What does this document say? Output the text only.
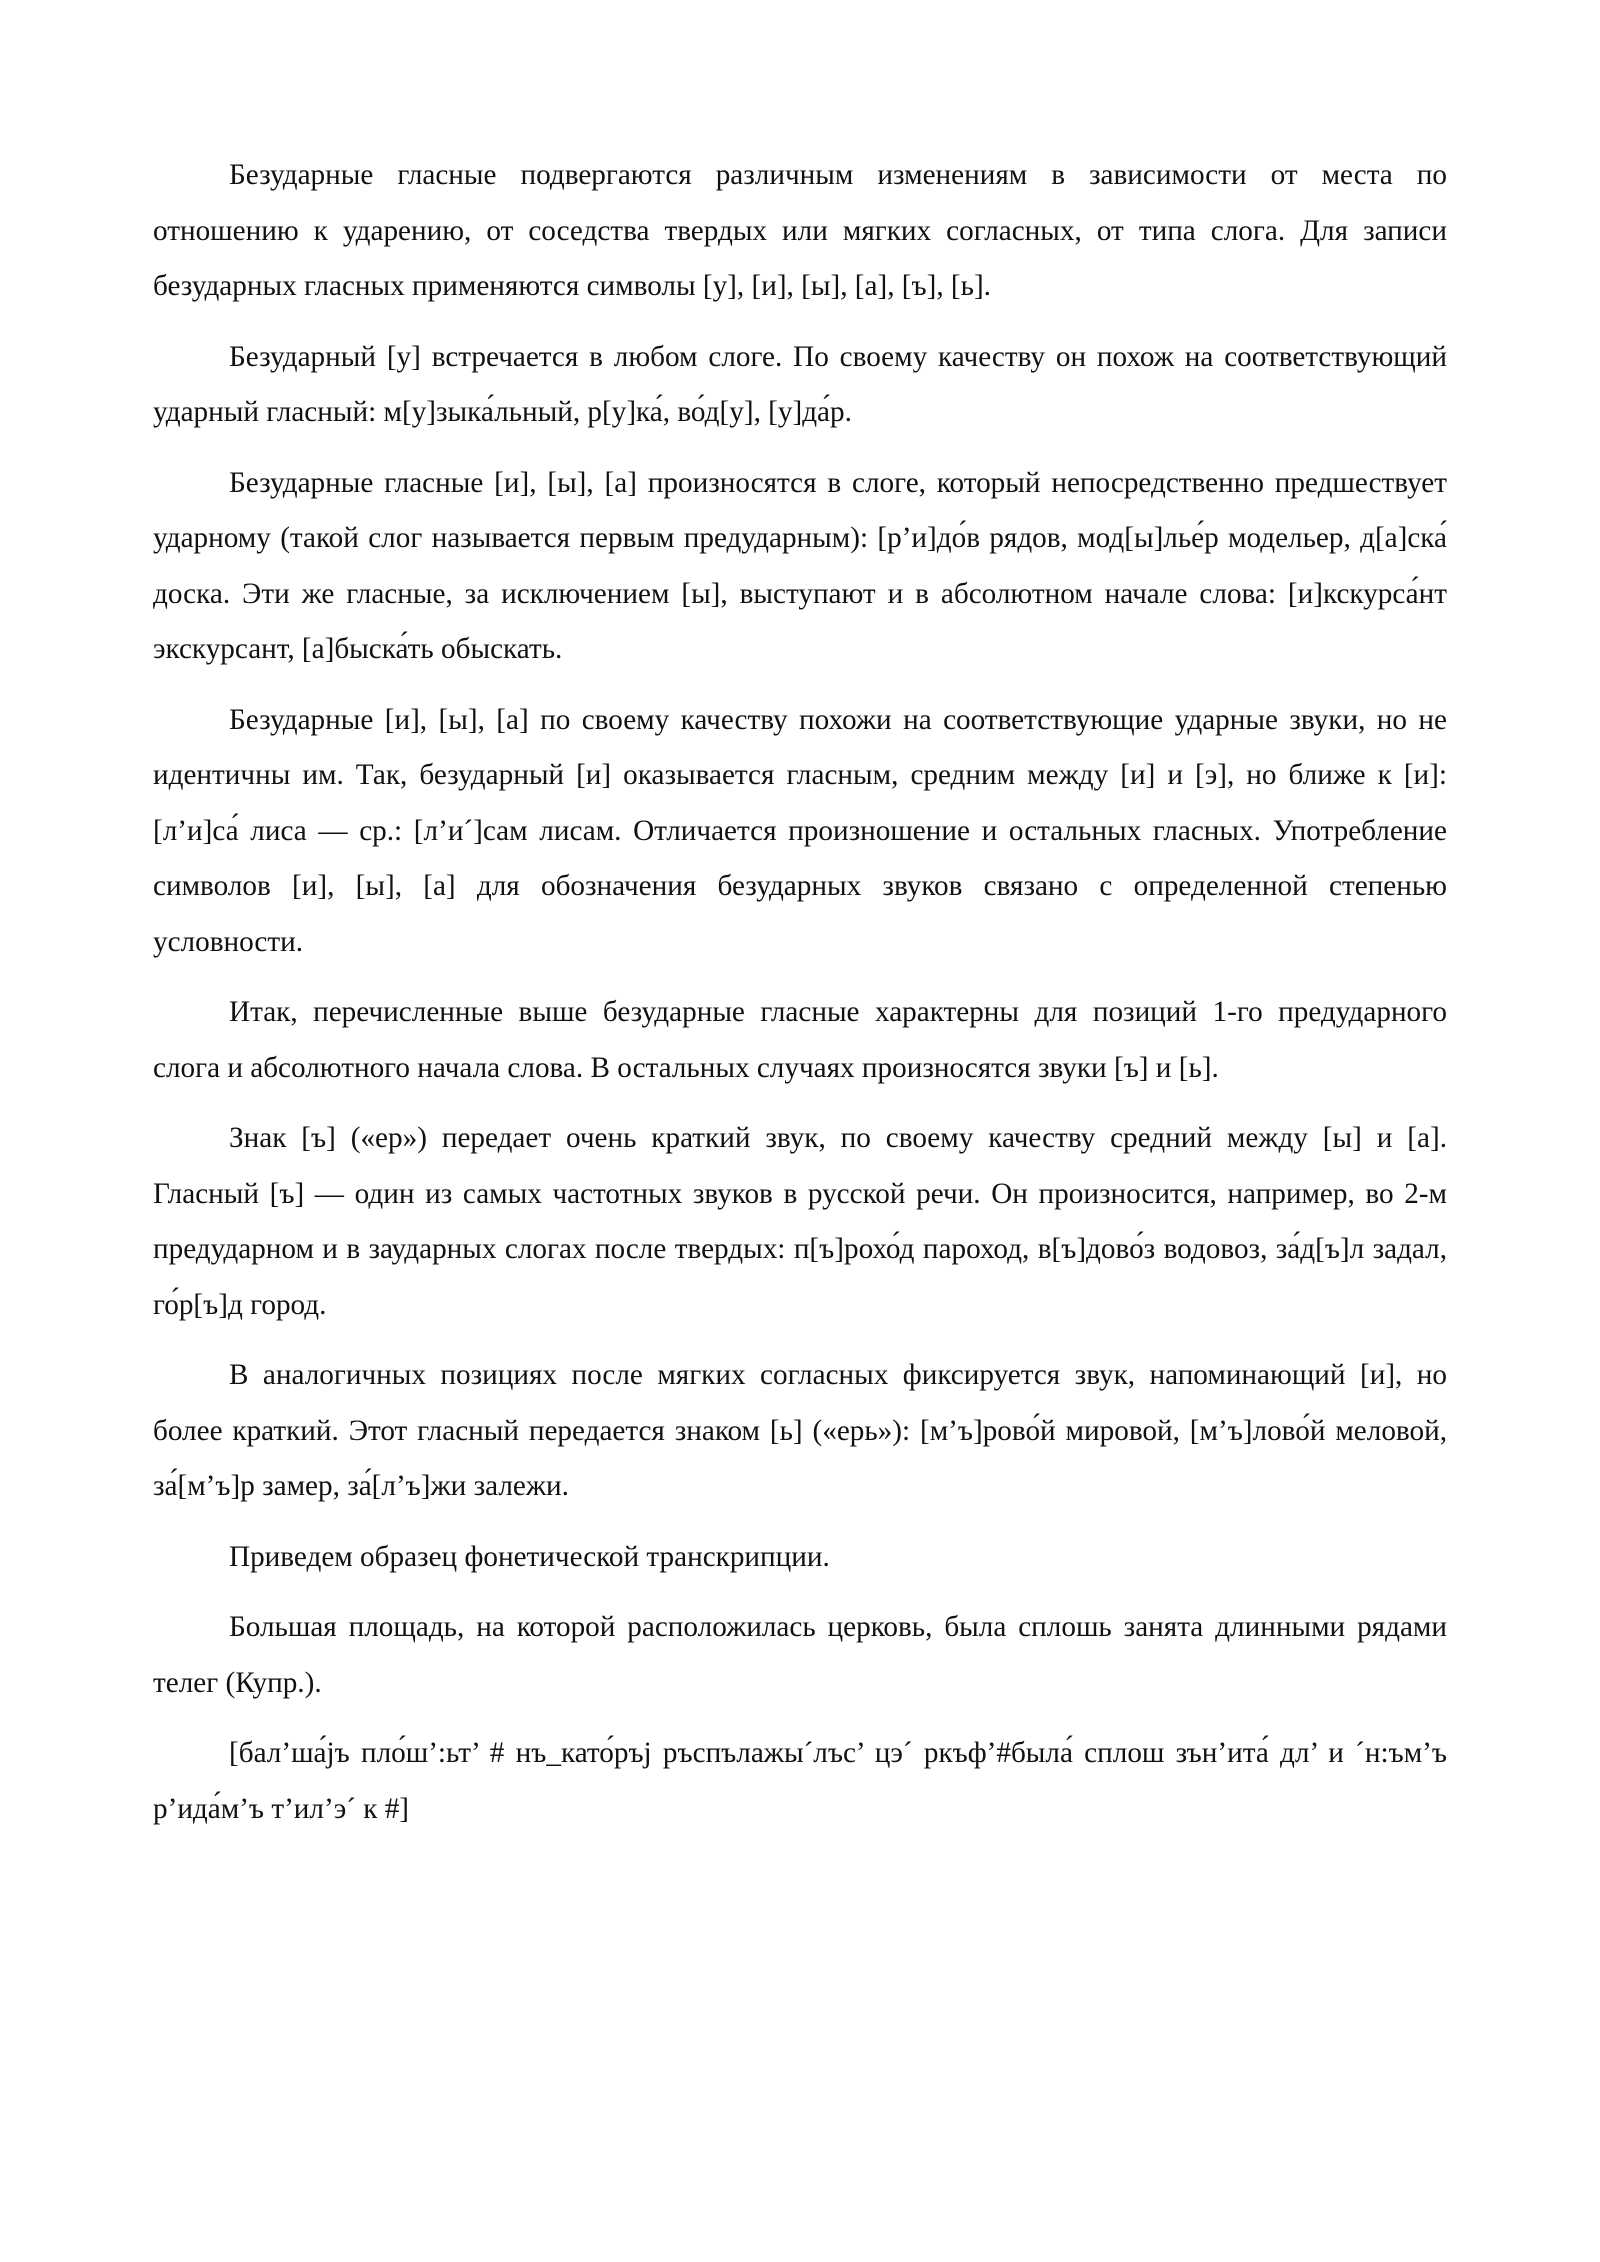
Безударные гласные подвергаются различным изменениям в зависимости от места по отношению к ударению, от соседства твердых или мягких согласных, от типа слога. Для записи безударных гласных применяются символы [у], [и], [ы], [а], [ъ], [ь].

Безударный [у] встречается в любом слоге. По своему качеству он похож на соответствующий ударный гласный: м[у]зыка́льный, р[у]ка́, во́д[у], [у]да́р.

Безударные гласные [и], [ы], [а] произносятся в слоге, который непосредственно предшествует ударному (такой слог называется первым предударным): [р’и]до́в рядов, мод[ы]лье́р модельер, д[а]ска́ доска. Эти же гласные, за исключением [ы], выступают и в абсолютном начале слова: [и]кскурса́нт экскурсант, [а]быска́ть обыскать.

Безударные [и], [ы], [а] по своему качеству похожи на соответствующие ударные звуки, но не идентичны им. Так, безударный [и] оказывается гласным, средним между [и] и [э], но ближе к [и]: [л’и]са́ лиса — ср.: [л’и´]сам лисам. Отличается произношение и остальных гласных. Употребление символов [и], [ы], [а] для обозначения безударных звуков связано с определенной степенью условности.

Итак, перечисленные выше безударные гласные характерны для позиций 1-го предударного слога и абсолютного начала слова. В остальных случаях произносятся звуки [ъ] и [ь].

Знак [ъ] («ер») передает очень краткий звук, по своему качеству средний между [ы] и [а]. Гласный [ъ] — один из самых частотных звуков в русской речи. Он произносится, например, во 2-м предударном и в заударных слогах после твердых: п[ъ]рохо́д пароход, в[ъ]дово́з водовоз, за́д[ъ]л задал, го́р[ъ]д город.

В аналогичных позициях после мягких согласных фиксируется звук, напоминающий [и], но более краткий. Этот гласный передается знаком [ь] («ерь»): [м’ъ]рово́й мировой, [м’ъ]лово́й меловой, за́[м’ъ]р замер, за́[л’ъ]жи залежи.

Приведем образец фонетической транскрипции.

Большая площадь, на которой расположилась церковь, была сплошь занята длинными рядами телег (Купр.).

[бал’ша́jъ пло́ш’:ьт’ # нъ_като́ръj ръспълажы´лъс’ цэ´ ркъф’#была́ сплош зън’ита́ дл’ и ´н:ъм’ъ р’ида́м’ъ т’ил’э´ к #]
